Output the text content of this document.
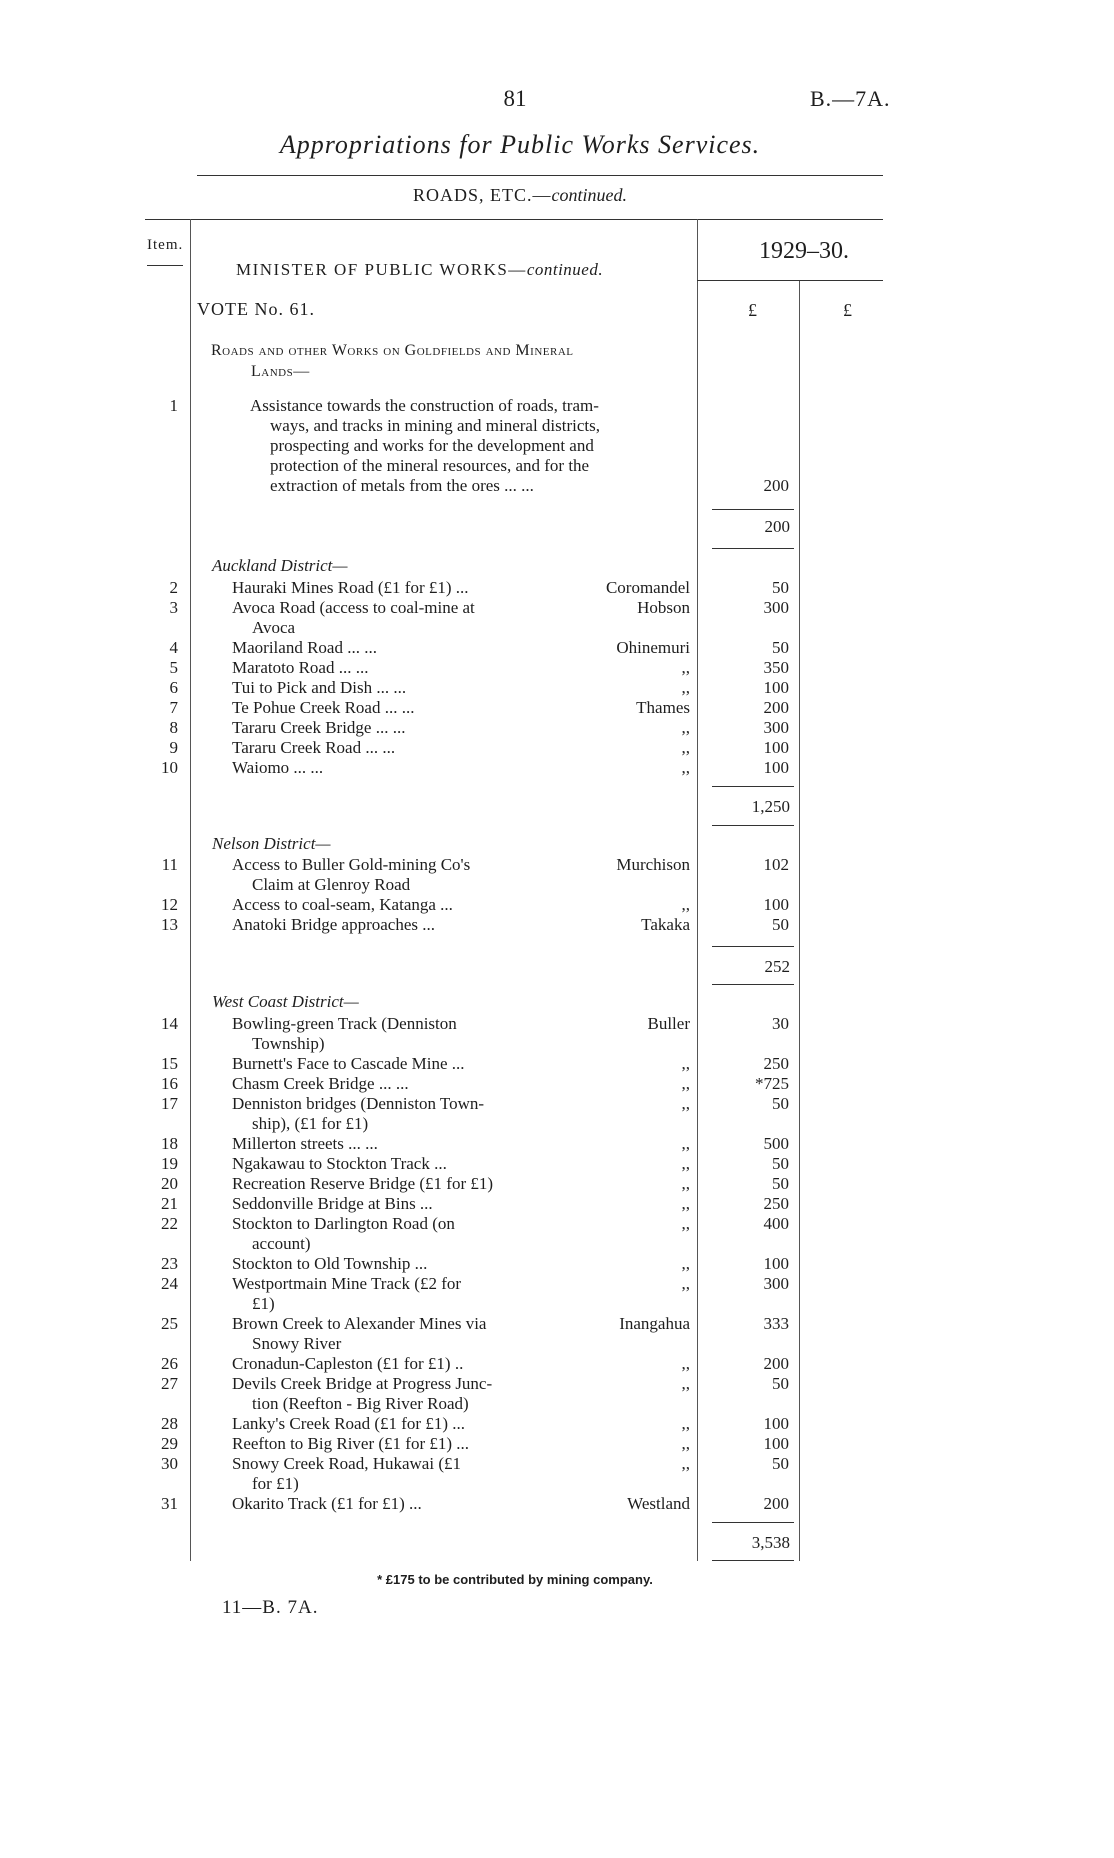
81	B.—7A.
Appropriations for Public Works Services.
ROADS, ETC.—continued.
Item.	1929–30.
MINISTER OF PUBLIC WORKS—continued.
VOTE No. 61.	£	£
Roads and other Works on Goldfields and Mineral
Lands—
1	Assistance towards the construction of roads, tram-
ways, and tracks in mining and mineral districts,
prospecting and works for the development and
protection of the mineral resources, and for the
extraction of metals from the ores ... ...	200
200
Auckland District—
2	Hauraki Mines Road (£1 for £1) ...	Coromandel	50
3	Avoca Road (access to coal-mine at
Avoca
Hobson	300
4	Maoriland Road ... ...	Ohinemuri	50
5	Maratoto Road ... ...	,,	350
6	Tui to Pick and Dish ... ...	,,	100
7	Te Pohue Creek Road ... ...	Thames	200
8	Tararu Creek Bridge ... ...	,,	300
9	Tararu Creek Road ... ...	,,	100
10	Waiomo ... ...	,,	100
1,250
Nelson District—
11	Access to Buller Gold-mining Co's
Claim at Glenroy Road
Murchison	102
12	Access to coal-seam, Katanga ...	,,	100
13	Anatoki Bridge approaches ...	Takaka	50
252
West Coast District—
14	Bowling-green Track (Denniston
Township)
Buller	30
15	Burnett's Face to Cascade Mine ...	,,	250
16	Chasm Creek Bridge ... ...	,,	*725
17	Denniston bridges (Denniston Town-
ship), (£1 for £1)
,,	50
18	Millerton streets ... ...	,,	500
19	Ngakawau to Stockton Track ...	,,	50
20	Recreation Reserve Bridge (£1 for £1)	,,	50
21	Seddonville Bridge at Bins ...	,,	250
22	Stockton to Darlington Road (on
account)
,,	400
23	Stockton to Old Township ...	,,	100
24	Westportmain Mine Track (£2 for
£1)
,,	300
25	Brown Creek to Alexander Mines via
Snowy River
Inangahua	333
26	Cronadun-Capleston (£1 for £1) ..	,,	200
27	Devils Creek Bridge at Progress Junc-
tion (Reefton - Big River Road)
,,	50
28	Lanky's Creek Road (£1 for £1) ...	,,	100
29	Reefton to Big River (£1 for £1) ...	,,	100
30	Snowy Creek Road, Hukawai (£1
for £1)
,,	50
31	Okarito Track (£1 for £1) ...	Westland	200
3,538
* £175 to be contributed by mining company.
11—B. 7A.
